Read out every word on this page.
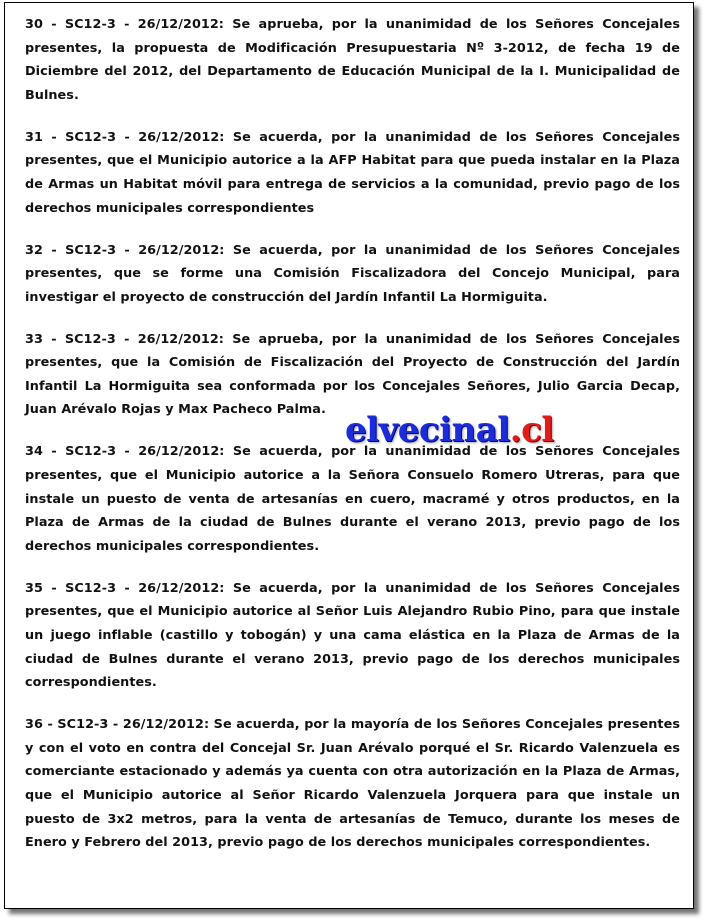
30 - SC12-3 - 26/12/2012: Se aprueba, por la unanimidad de los Señores Concejales presentes, la propuesta de Modificación Presupuestaria Nº 3-2012, de fecha 19 de Diciembre del 2012, del Departamento de Educación Municipal de la I. Municipalidad de Bulnes.

31 - SC12-3 - 26/12/2012: Se acuerda, por la unanimidad de los Señores Concejales presentes, que el Municipio autorice a la AFP Habitat para que pueda instalar en la Plaza de Armas un Habitat móvil para entrega de servicios a la comunidad, previo pago de los derechos municipales correspondientes

32 - SC12-3 - 26/12/2012: Se acuerda, por la unanimidad de los Señores Concejales presentes, que se forme una Comisión Fiscalizadora del Concejo Municipal, para investigar el proyecto de construcción del Jardín Infantil La Hormiguita.

33 - SC12-3 - 26/12/2012: Se aprueba, por la unanimidad de los Señores Concejales presentes, que la Comisión de Fiscalización del Proyecto de Construcción del Jardín Infantil La Hormiguita sea conformada por los Concejales Señores, Julio Garcia Decap, Juan Arévalo Rojas y Max Pacheco Palma.

34 - SC12-3 - 26/12/2012: Se acuerda, por la unanimidad de los Señores Concejales presentes, que el Municipio autorice a la Señora Consuelo Romero Utreras, para que instale un puesto de venta de artesanías en cuero, macramé y otros productos, en la Plaza de Armas de la ciudad de Bulnes durante el verano 2013, previo pago de los derechos municipales correspondientes.

35 - SC12-3 - 26/12/2012: Se acuerda, por la unanimidad de los Señores Concejales presentes, que el Municipio autorice al Señor Luis Alejandro Rubio Pino, para que instale un juego inflable (castillo y tobogán) y una cama elástica en la Plaza de Armas de la ciudad de Bulnes durante el verano 2013, previo pago de los derechos municipales correspondientes.

36 - SC12-3 - 26/12/2012: Se acuerda, por la mayoría de los Señores Concejales presentes y con el voto en contra del Concejal Sr. Juan Arévalo porqué el Sr. Ricardo Valenzuela es comerciante estacionado y además ya cuenta con otra autorización en la Plaza de Armas, que el Municipio autorice al Señor Ricardo Valenzuela Jorquera para que instale un puesto de 3x2 metros, para la venta de artesanías de Temuco, durante los meses de Enero y Febrero del 2013, previo pago de los derechos municipales correspondientes.

elvecinal.cl
